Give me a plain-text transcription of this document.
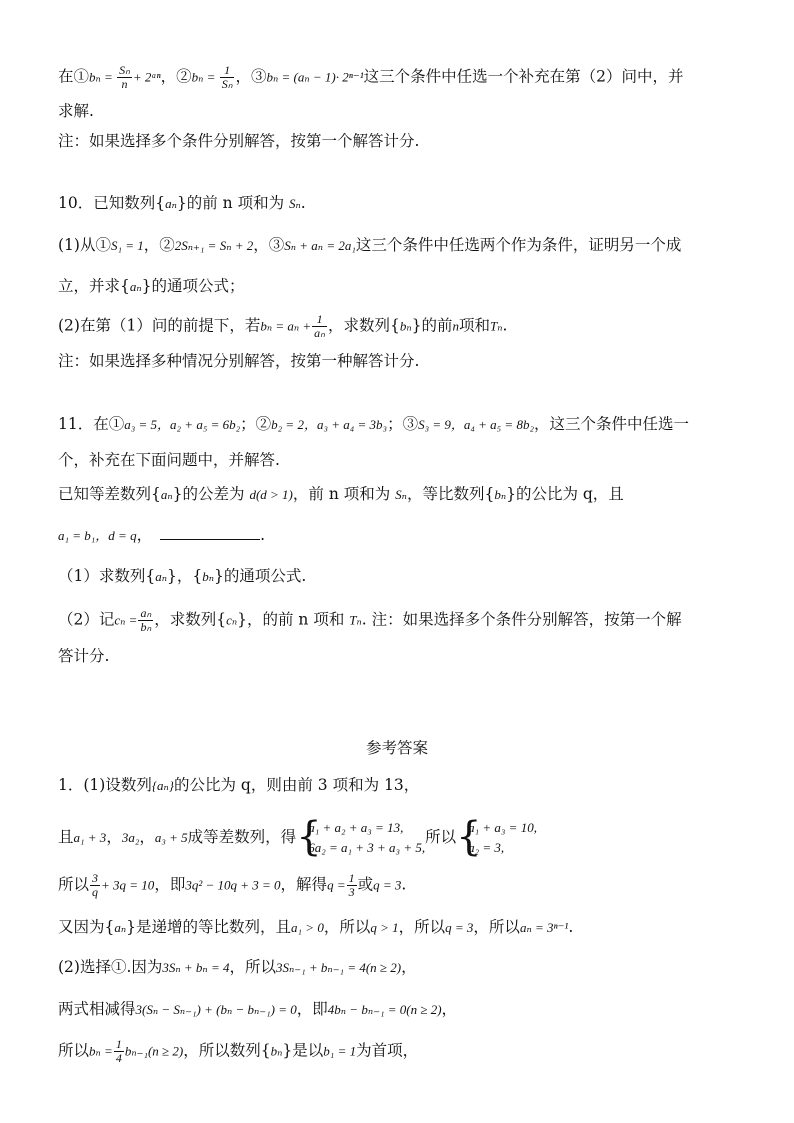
在①bₙ = $\frac{\text{Sₙ}}{n}$ + 2ᵃⁿ，②bₙ = $\frac{1}{\text{Sₙ}}$ ，③bₙ = (aₙ − 1)· 2ⁿ⁻¹这三个条件中任选一个补充在第（2）问中，并
求解.
注：如果选择多个条件分别解答，按第一个解答计分.
10．已知数列{aₙ}的前 n 项和为 Sₙ.
(1)从①S₁ = 1，②2Sₙ₊₁ = Sₙ + 2，③Sₙ + aₙ = 2a₁这三个条件中任选两个作为条件，证明另一个成
立，并求{aₙ}的通项公式；
(2)在第（1）问的前提下，若$b_n = a_n + \frac{1}{\text{aₙ}}$ ，求数列{bₙ}的前n项和Tₙ.
注：如果选择多种情况分别解答，按第一种解答计分.
11．在①a₃ = 5，a₂ + a₅ = 6b₂；②b₂ = 2，a₃ + a₄ = 3b₃；③S₃ = 9，a₄ + a₅ = 8b₂，这三个条件中任选一
个，补充在下面问题中，并解答.
已知等差数列{aₙ}的公差为 d(d > 1)，前 n 项和为 Sₙ，等比数列{bₙ}的公比为 q，且
a₁ = b₁，d = q，	.
（1）求数列{aₙ}，{bₙ}的通项公式.
（2）记$c_n = \frac{\text{aₙ}}{\text{bₙ}}$ ，求数列{cₙ}，的前 n 项和 Tₙ. 注：如果选择多个条件分别解答，按第一个解
答计分.
参考答案
1．(1)设数列{aₙ}的公比为 q，则由前 3 项和为 13，
且a₁ + 3，3a₂，a₃ + 5成等差数列，得
{ a₁ + a₂ + a₃ = 13,
6a₂ = a₁ + 3 + a₃ + 5,
所以
{ a₁ + a₃ = 10,
a₂ = 3,
所以 $\frac{3}{q} + 3q = 10$，即3q² − 10q + 3 = 0，解得$q = \frac{1}{3}$ 或q = 3.
又因为{aₙ}是递增的等比数列，且a₁ > 0，所以q > 1，所以q = 3，所以aₙ = 3ⁿ⁻¹.
(2)选择①.因为3Sₙ + bₙ = 4，所以3Sₙ₋₁ + bₙ₋₁ = 4(n ≥ 2)，
两式相减得3(Sₙ − Sₙ₋₁) + (bₙ − bₙ₋₁) = 0，即4bₙ − bₙ₋₁ = 0(n ≥ 2)，
所以$b_n = \frac{1}{4} b_{n-1}(n \ge 2)$，所以数列{bₙ}是以b₁ = 1为首项，
